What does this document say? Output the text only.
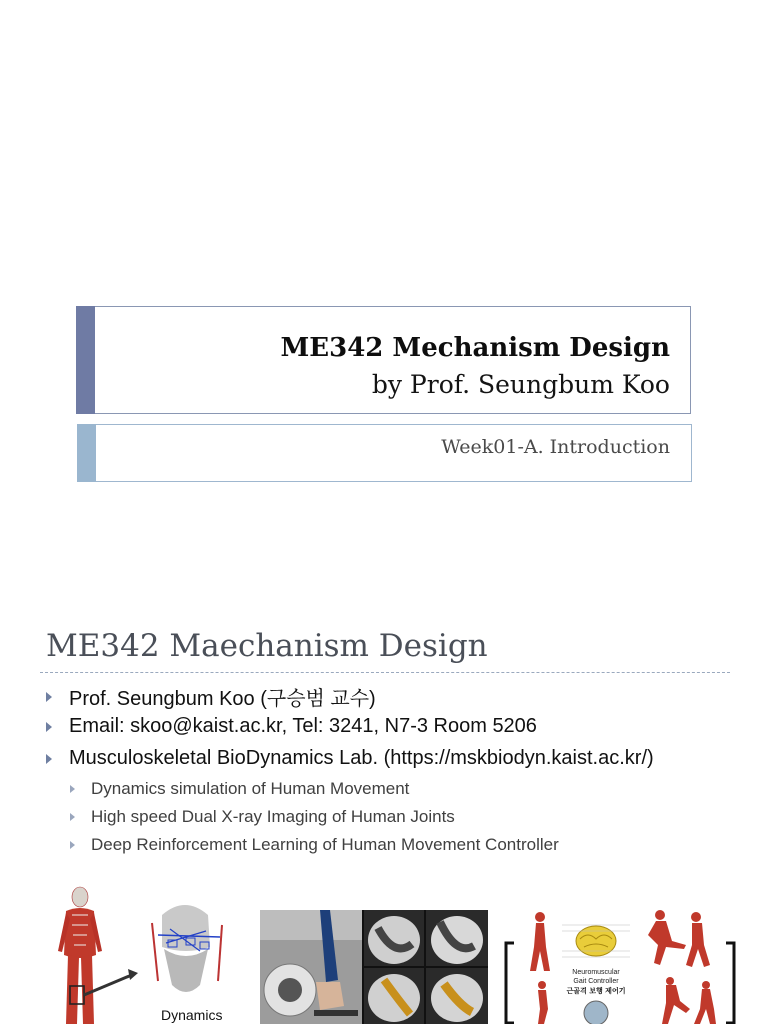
ME342 Mechanism Design
by Prof. Seungbum Koo
Week01-A. Introduction
ME342 Maechanism Design
Prof. Seungbum Koo (구승범 교수)
Email: skoo@kaist.ac.kr, Tel: 3241, N7-3 Room 5206
Musculoskeletal BioDynamics Lab. (https://mskbiodyn.kaist.ac.kr/)
Dynamics simulation of Human Movement
High speed Dual X-ray Imaging of Human Joints
Deep Reinforcement Learning of Human Movement Controller
Dynamics
Neuromuscular
Gait Controller
근골격 보행 제어기
